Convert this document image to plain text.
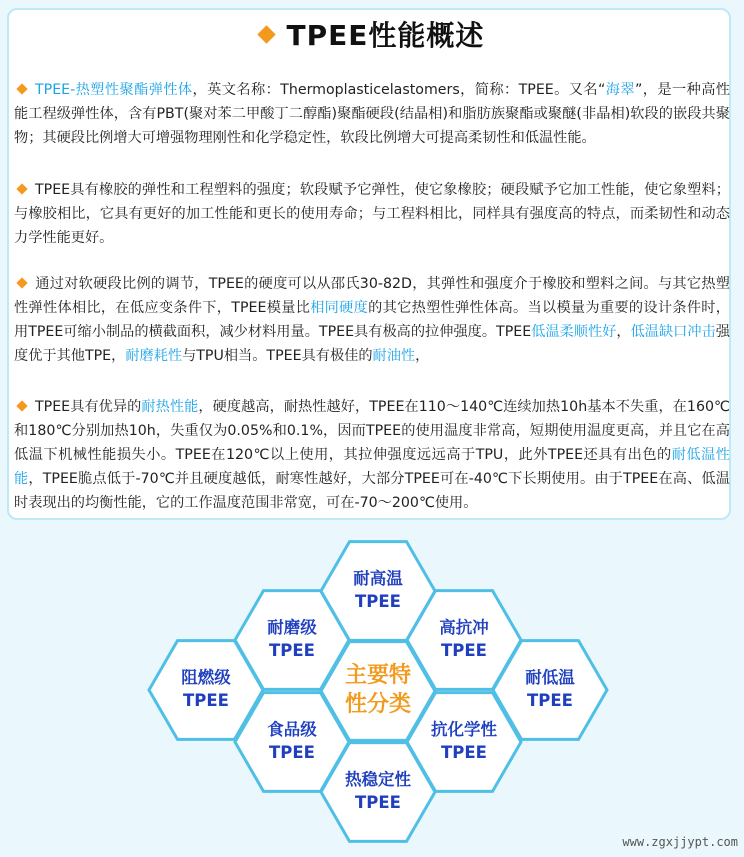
TPEE性能概述
TPEE-热塑性聚酯弹性体，英文名称：Thermoplasticelastomers，简称：TPEE。又名“海翠”，是一种高性能工程级弹性体，含有PBT(聚对苯二甲酸丁二醇酯)聚酯硬段(结晶相)和脂肪族聚酯或聚醚(非晶相)软段的嵌段共聚物；其硬段比例增大可增强物理刚性和化学稳定性，软段比例增大可提高柔韧性和低温性能。
TPEE具有橡胶的弹性和工程塑料的强度；软段赋予它弹性，使它象橡胶；硬段赋予它加工性能，使它象塑料；与橡胶相比，它具有更好的加工性能和更长的使用寿命；与工程料相比，同样具有强度高的特点，而柔韧性和动态力学性能更好。
通过对软硬段比例的调节，TPEE的硬度可以从邵氏30-82D，其弹性和强度介于橡胶和塑料之间。与其它热塑性弹性体相比，在低应变条件下，TPEE模量比相同硬度的其它热塑性弹性体高。当以模量为重要的设计条件时，用TPEE可缩小制品的横截面积，减少材料用量。TPEE具有极高的拉伸强度。TPEE低温柔顺性好，低温缺口冲击强度优于其他TPE，耐磨耗性与TPU相当。TPEE具有极佳的耐油性，
TPEE具有优异的耐热性能，硬度越高，耐热性越好，TPEE在110～140℃连续加热10h基本不失重，在160℃和180℃分别加热10h，失重仅为0.05%和0.1%，因而TPEE的使用温度非常高，短期使用温度更高，并且它在高低温下机械性能损失小。TPEE在120℃以上使用，其拉伸强度远远高于TPU，此外TPEE还具有出色的耐低温性能，TPEE脆点低于-70℃并且硬度越低，耐寒性越好，大部分TPEE可在-40℃下长期使用。由于TPEE在高、低温时表现出的均衡性能，它的工作温度范围非常宽，可在-70～200℃使用。
耐高温
TPEE
耐磨级
TPEE
高抗冲
TPEE
阻燃级
TPEE
耐低温
TPEE
食品级
TPEE
抗化学性
TPEE
热稳定性
TPEE
主要特
性分类
www.zgxjjypt.com
